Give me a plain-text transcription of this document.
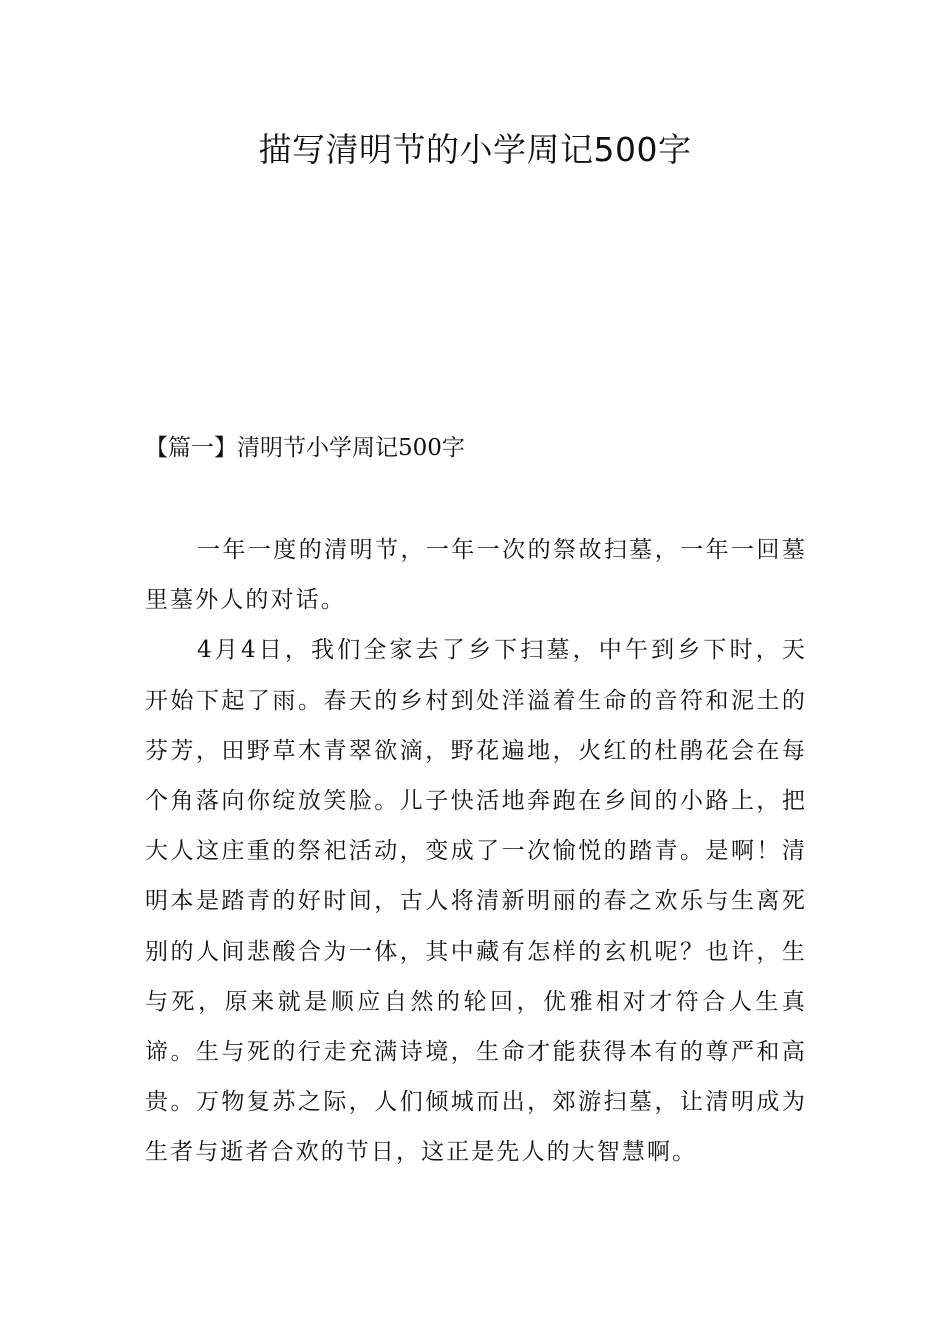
描写清明节的小学周记500字
【篇一】清明节小学周记500字

一年一度的清明节，一年一次的祭故扫墓，一年一回墓里墓外人的对话。

4月4日，我们全家去了乡下扫墓，中午到乡下时，天开始下起了雨。春天的乡村到处洋溢着生命的音符和泥土的芬芳，田野草木青翠欲滴，野花遍地，火红的杜鹃花会在每个角落向你绽放笑脸。儿子快活地奔跑在乡间的小路上，把大人这庄重的祭祀活动，变成了一次愉悦的踏青。是啊！清明本是踏青的好时间，古人将清新明丽的春之欢乐与生离死别的人间悲酸合为一体，其中藏有怎样的玄机呢？也许，生与死，原来就是顺应自然的轮回，优雅相对才符合人生真谛。生与死的行走充满诗境，生命才能获得本有的尊严和高贵。万物复苏之际，人们倾城而出，郊游扫墓，让清明成为生者与逝者合欢的节日，这正是先人的大智慧啊。
